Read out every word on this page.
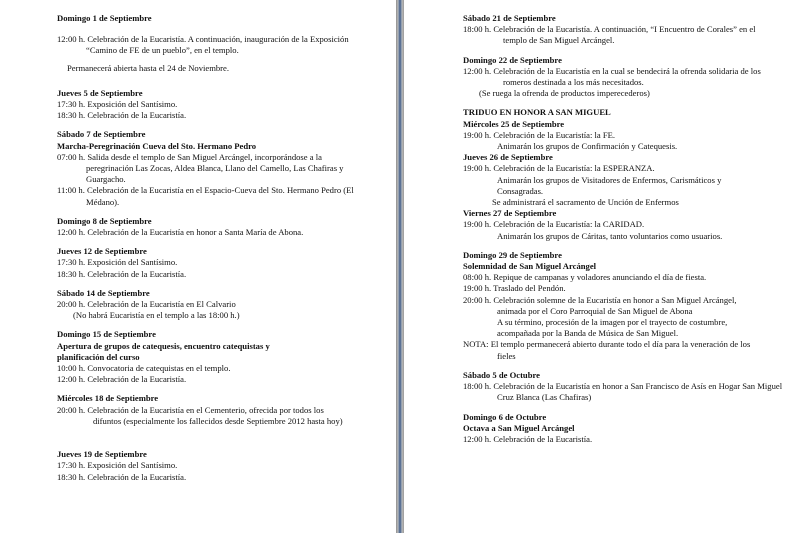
Domingo 1 de Septiembre
12:00 h. Celebración de la Eucaristía. A continuación, inauguración de la Exposición “Camino de FE de un pueblo”, en el templo.
Permanecerá abierta hasta el 24 de Noviembre.
Jueves 5 de Septiembre
17:30 h. Exposición del Santísimo.
18:30 h. Celebración de la Eucaristía.
Sábado 7 de Septiembre
Marcha-Peregrinación Cueva del Sto. Hermano Pedro
07:00 h. Salida desde el templo de San Miguel Arcángel, incorporándose a la peregrinación Las Zocas, Aldea Blanca, Llano del Camello, Las Chafiras y Guargacho.
11:00 h. Celebración de la Eucaristía en el Espacio-Cueva del Sto. Hermano Pedro (El Médano).
Domingo 8 de Septiembre
12:00 h. Celebración de la Eucaristía en honor a Santa María de Abona.
Jueves 12 de Septiembre
17:30 h. Exposición del Santísimo.
18:30 h. Celebración de la Eucaristía.
Sábado 14 de Septiembre
20:00 h. Celebración de la Eucaristía en El Calvario
(No habrá Eucaristía en el templo a las 18:00 h.)
Domingo 15 de Septiembre
Apertura de grupos de catequesis, encuentro catequistas y planificación del curso
10:00 h. Convocatoria de catequistas en el templo.
12:00 h. Celebración de la Eucaristía.
Miércoles 18 de Septiembre
20:00 h. Celebración de la Eucaristía en el Cementerio, ofrecida por todos los difuntos (especialmente los fallecidos desde Septiembre 2012 hasta hoy)
Jueves 19 de Septiembre
17:30 h. Exposición del Santísimo.
18:30 h. Celebración de la Eucaristía.
Sábado 21 de Septiembre
18:00 h. Celebración de la Eucaristía. A continuación, “I Encuentro de Corales” en el templo de San Miguel Arcángel.
Domingo 22 de Septiembre
12:00 h. Celebración de la Eucaristía en la cual se bendecirá la ofrenda solidaria de los romeros destinada a los más necesitados.
(Se ruega la ofrenda de productos imperecederos)
TRIDUO EN HONOR A SAN MIGUEL
Miércoles 25 de Septiembre
19:00 h. Celebración de la Eucaristía: la FE.
Animarán los grupos de Confirmación y Catequesis.
Jueves 26 de Septiembre
19:00 h. Celebración de la Eucaristía: la ESPERANZA.
Animarán los grupos de Visitadores de Enfermos, Carismáticos y Consagradas.
Se administrará el sacramento de Unción de Enfermos
Viernes 27 de Septiembre
19:00 h. Celebración de la Eucaristía: la CARIDAD.
Animarán los grupos de Cáritas, tanto voluntarios como usuarios.
Domingo 29 de Septiembre
Solemnidad de San Miguel Arcángel
08:00 h. Repique de campanas y voladores anunciando el día de fiesta.
19:00 h. Traslado del Pendón.
20:00 h. Celebración solemne de la Eucaristía en honor a San Miguel Arcángel, animada por el Coro Parroquial de San Miguel de Abona
A su término, procesión de la imagen por el trayecto de costumbre, acompañada por la Banda de Música de San Miguel.
NOTA: El templo permanecerá abierto durante todo el día para la veneración de los fieles
Sábado 5 de Octubre
18:00 h. Celebración de la Eucaristía en honor a San Francisco de Asís en Hogar San Miguel Cruz Blanca (Las Chafiras)
Domingo 6 de Octubre
Octava a San Miguel Arcángel
12:00 h. Celebración de la Eucaristía.
